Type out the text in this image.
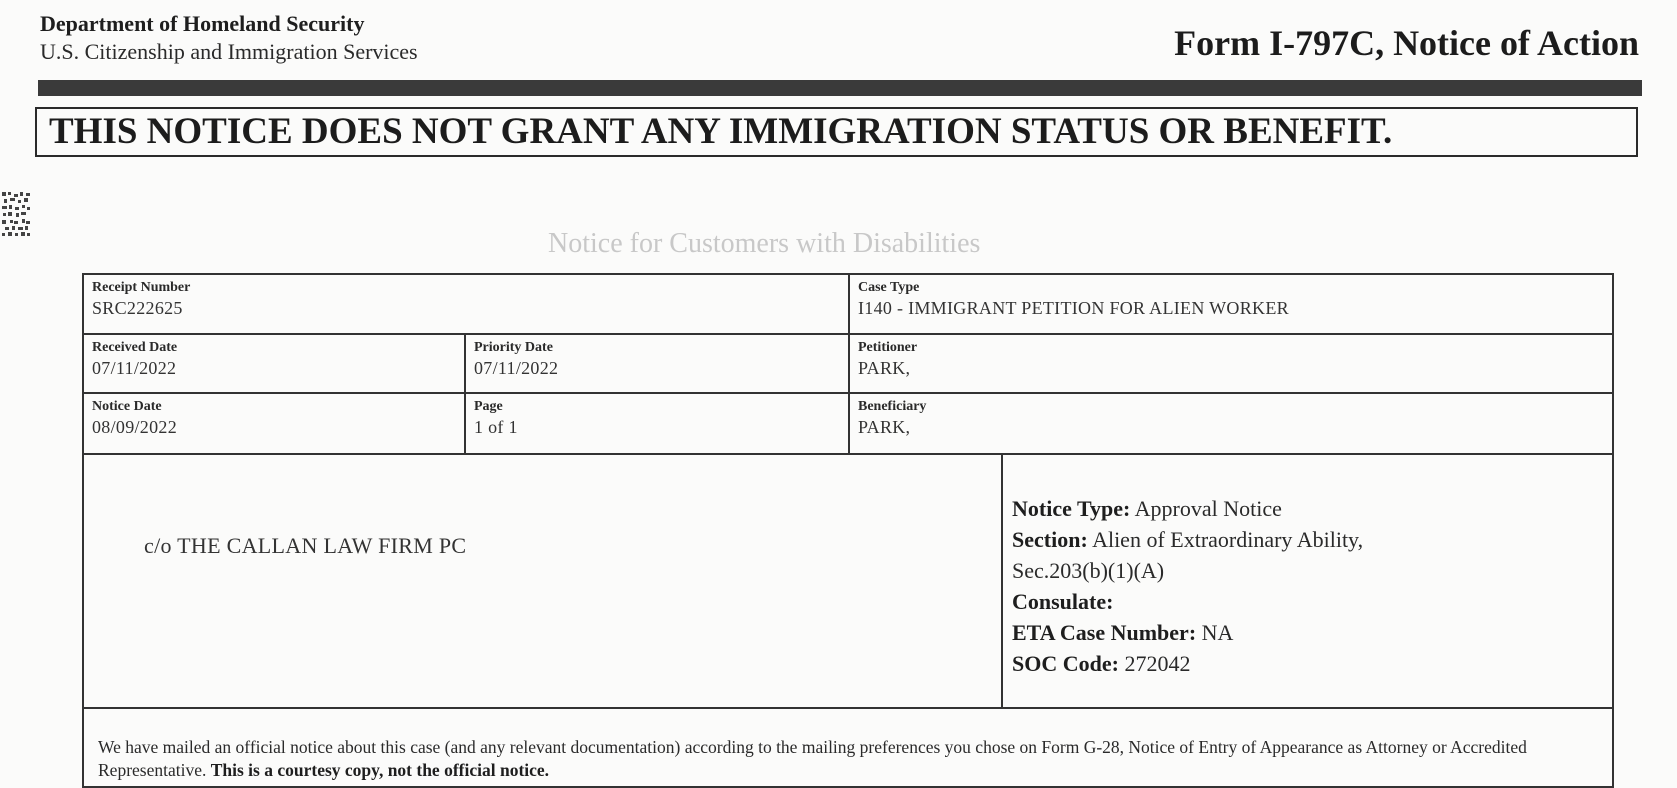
Department of Homeland Security
U.S. Citizenship and Immigration Services	Form I-797C, Notice of Action
THIS NOTICE DOES NOT GRANT ANY IMMIGRATION STATUS OR BENEFIT.
Notice for Customers with Disabilities
Receipt Number
SRC222625
Case Type
I140 - IMMIGRANT PETITION FOR ALIEN WORKER
Received Date
07/11/2022
Priority Date
07/11/2022
Petitioner
PARK,
Notice Date
08/09/2022
Page
1 of 1
Beneficiary
PARK,
c/o THE CALLAN LAW FIRM PC
Notice Type: Approval Notice
Section: Alien of Extraordinary Ability,
Sec.203(b)(1)(A)
Consulate:
ETA Case Number: NA
SOC Code: 272042
We have mailed an official notice about this case (and any relevant documentation) according to the mailing preferences you chose on Form G-28, Notice of Entry of Appearance as Attorney or Accredited Representative. This is a courtesy copy, not the official notice.
